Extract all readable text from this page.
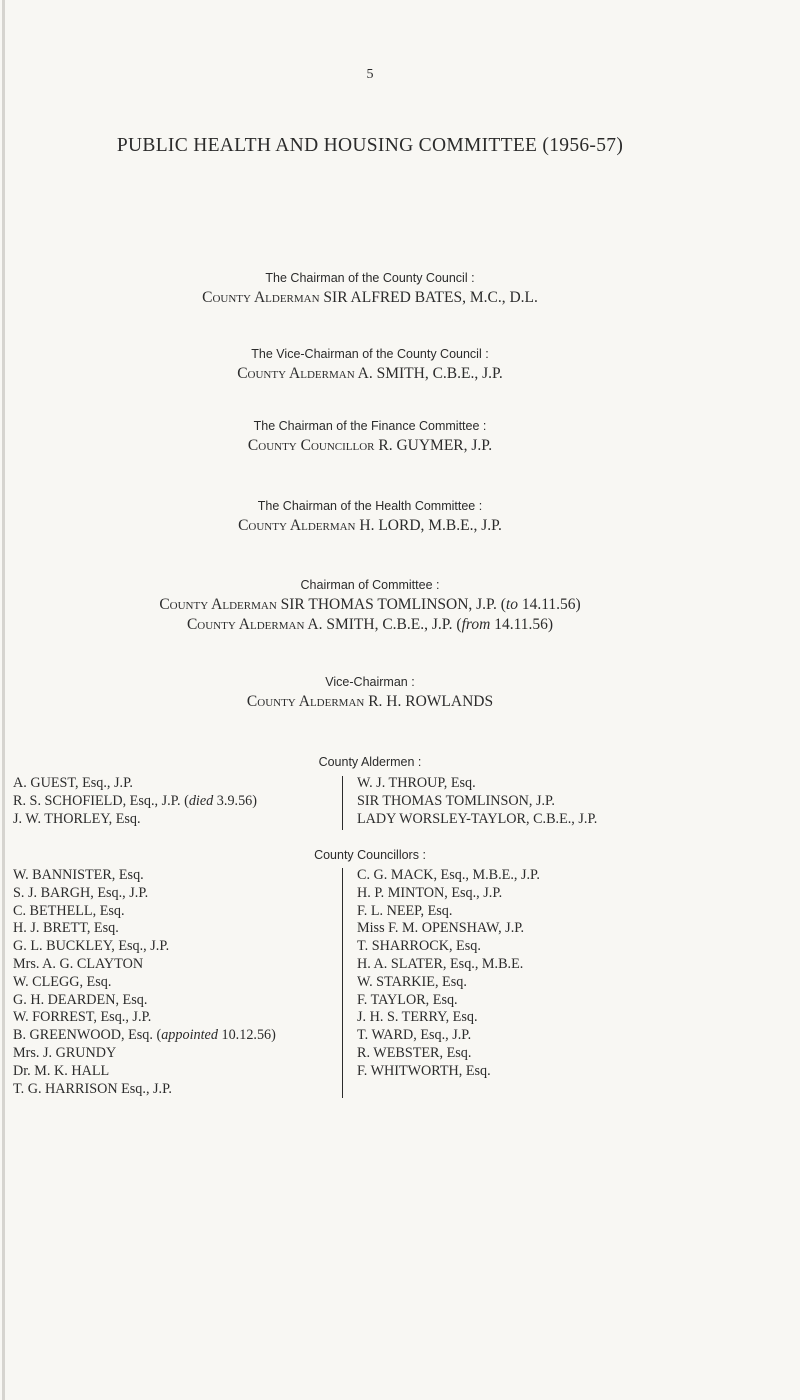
5
PUBLIC HEALTH AND HOUSING COMMITTEE (1956-57)
The Chairman of the County Council :
County Alderman SIR ALFRED BATES, M.C., D.L.
The Vice-Chairman of the County Council :
County Alderman A. SMITH, C.B.E., J.P.
The Chairman of the Finance Committee :
County Councillor R. GUYMER, J.P.
The Chairman of the Health Committee :
County Alderman H. LORD, M.B.E., J.P.
Chairman of Committee :
County Alderman SIR THOMAS TOMLINSON, J.P. (to 14.11.56)
County Alderman A. SMITH, C.B.E., J.P. (from 14.11.56)
Vice-Chairman :
County Alderman R. H. ROWLANDS
County Aldermen :
A. GUEST, Esq., J.P.
R. S. SCHOFIELD, Esq., J.P. (died 3.9.56)
J. W. THORLEY, Esq.
W. J. THROUP, Esq.
SIR THOMAS TOMLINSON, J.P.
LADY WORSLEY-TAYLOR, C.B.E., J.P.
County Councillors :
W. BANNISTER, Esq.
S. J. BARGH, Esq., J.P.
C. BETHELL, Esq.
H. J. BRETT, Esq.
G. L. BUCKLEY, Esq., J.P.
Mrs. A. G. CLAYTON
W. CLEGG, Esq.
G. H. DEARDEN, Esq.
W. FORREST, Esq., J.P.
B. GREENWOOD, Esq. (appointed 10.12.56)
Mrs. J. GRUNDY
Dr. M. K. HALL
T. G. HARRISON Esq., J.P.
C. G. MACK, Esq., M.B.E., J.P.
H. P. MINTON, Esq., J.P.
F. L. NEEP, Esq.
Miss F. M. OPENSHAW, J.P.
T. SHARROCK, Esq.
H. A. SLATER, Esq., M.B.E.
W. STARKIE, Esq.
F. TAYLOR, Esq.
J. H. S. TERRY, Esq.
T. WARD, Esq., J.P.
R. WEBSTER, Esq.
F. WHITWORTH, Esq.
